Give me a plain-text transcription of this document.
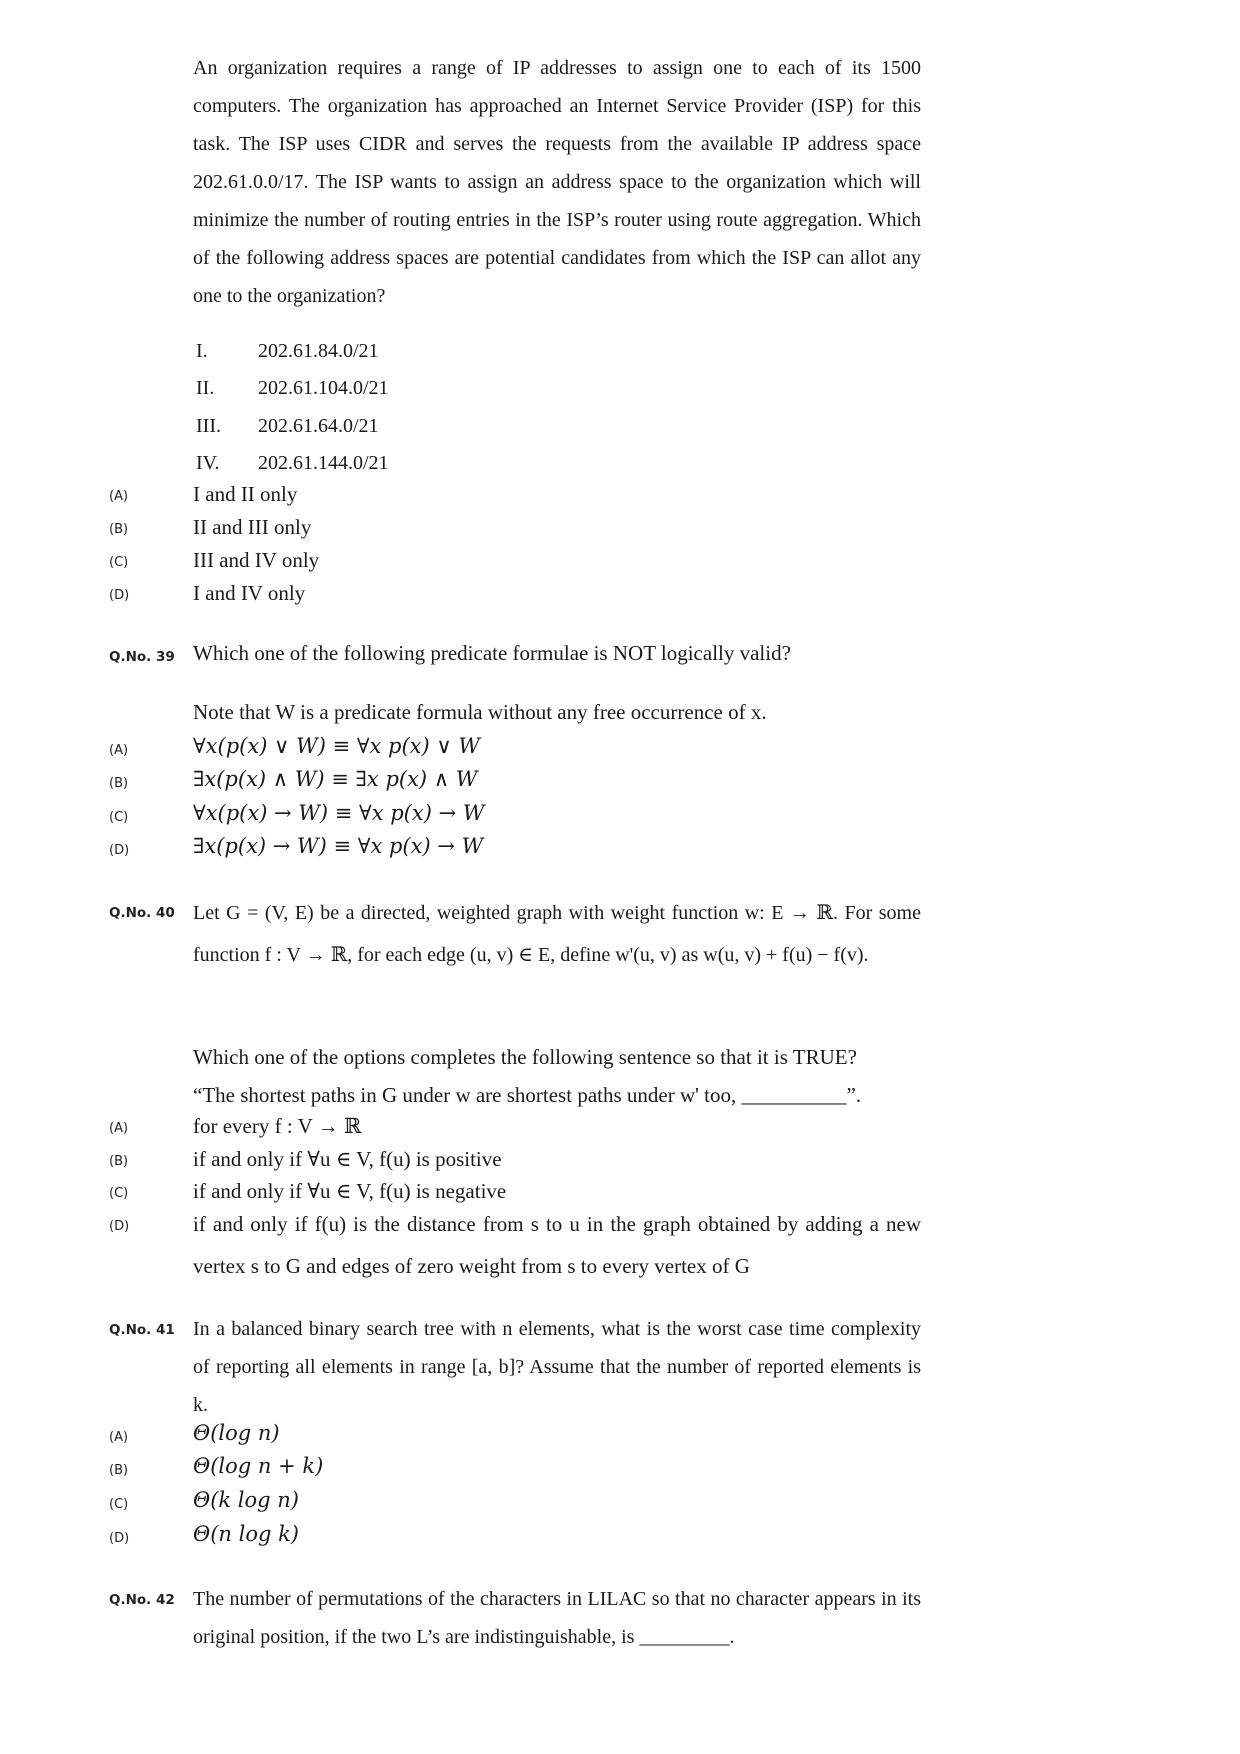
An organization requires a range of IP addresses to assign one to each of its 1500 computers. The organization has approached an Internet Service Provider (ISP) for this task. The ISP uses CIDR and serves the requests from the available IP address space 202.61.0.0/17. The ISP wants to assign an address space to the organization which will minimize the number of routing entries in the ISP’s router using route aggregation. Which of the following address spaces are potential candidates from which the ISP can allot any one to the organization?
I.	202.61.84.0/21
II. 202.61.104.0/21
III. 202.61.64.0/21
IV. 202.61.144.0/21
(A)	I and II only
(B)	II and III only
(C)	III and IV only
(D)	I and IV only
Q.No. 39 Which one of the following predicate formulae is NOT logically valid?
Note that W is a predicate formula without any free occurrence of x.
(A)	∀x(p(x) ∨ W) ≡ ∀x p(x) ∨ W
(B)	∃x(p(x) ∧ W) ≡ ∃x p(x) ∧ W
(C)	∀x(p(x) → W) ≡ ∀x p(x) → W
(D)	∃x(p(x) → W) ≡ ∀x p(x) → W
Q.No. 40 Let G = (V, E) be a directed, weighted graph with weight function w: E → ℝ. For some function f : V → ℝ, for each edge (u, v) ∈ E, define w'(u, v) as w(u, v) + f(u) − f(v).
Which one of the options completes the following sentence so that it is TRUE?
“The shortest paths in G under w are shortest paths under w' too, __________”.
(A)	for every f : V → ℝ
(B)	if and only if ∀u ∈ V, f(u) is positive
(C)	if and only if ∀u ∈ V, f(u) is negative
(D)	if and only if f(u) is the distance from s to u in the graph obtained by adding a new vertex s to G and edges of zero weight from s to every vertex of G
Q.No. 41 In a balanced binary search tree with n elements, what is the worst case time complexity of reporting all elements in range [a, b]? Assume that the number of reported elements is k.
(A)	Θ(log n)
(B)	Θ(log n + k)
(C)	Θ(k log n)
(D)	Θ(n log k)
Q.No. 42 The number of permutations of the characters in LILAC so that no character appears in its original position, if the two L’s are indistinguishable, is _________.
